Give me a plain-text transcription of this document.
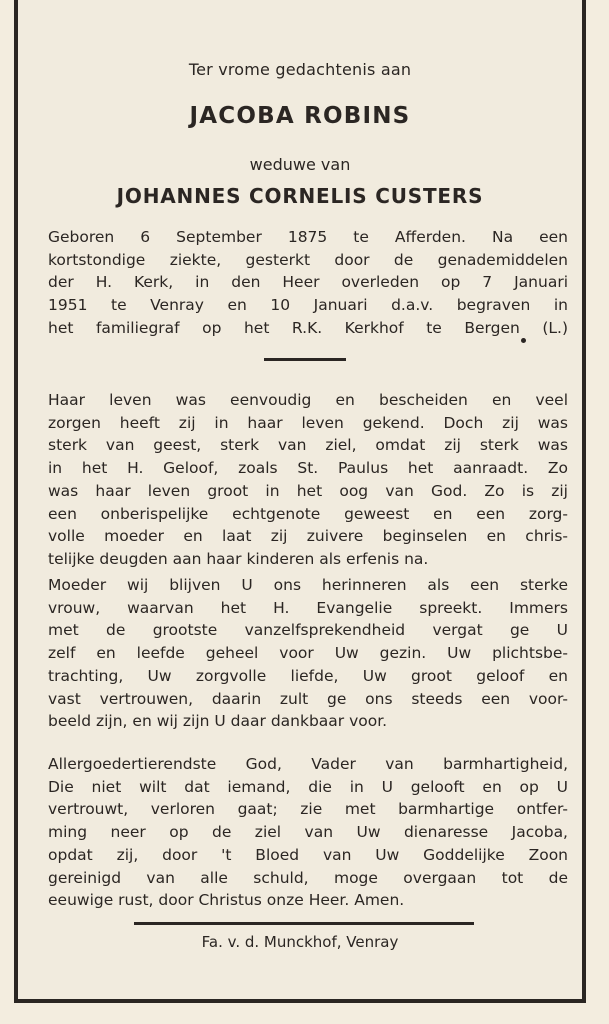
Ter vrome gedachtenis aan
JACOBA ROBINS
weduwe van
JOHANNES CORNELIS CUSTERS
Geboren 6 September 1875 te Afferden. Na een
kortstondige ziekte, gesterkt door de genademiddelen
der H. Kerk, in den Heer overleden op 7 Januari
1951 te Venray en 10 Januari d.a.v. begraven in
het familiegraf op het R.K. Kerkhof te Bergen (L.)
Haar leven was eenvoudig en bescheiden en veel
zorgen heeft zij in haar leven gekend. Doch zij was
sterk van geest, sterk van ziel, omdat zij sterk was
in het H. Geloof, zoals St. Paulus het aanraadt. Zo
was haar leven groot in het oog van God. Zo is zij
een onberispelijke echtgenote geweest en een zorg-
volle moeder en laat zij zuivere beginselen en chris-
telijke deugden aan haar kinderen als erfenis na.
Moeder wij blijven U ons herinneren als een sterke
vrouw, waarvan het H. Evangelie spreekt. Immers
met de grootste vanzelfsprekendheid vergat ge U
zelf en leefde geheel voor Uw gezin. Uw plichtsbe-
trachting, Uw zorgvolle liefde, Uw groot geloof en
vast vertrouwen, daarin zult ge ons steeds een voor-
beeld zijn, en wij zijn U daar dankbaar voor.
Allergoedertierendste God, Vader van barmhartigheid,
Die niet wilt dat iemand, die in U gelooft en op U
vertrouwt, verloren gaat; zie met barmhartige ontfer-
ming neer op de ziel van Uw dienaresse Jacoba,
opdat zij, door 't Bloed van Uw Goddelijke Zoon
gereinigd van alle schuld, moge overgaan tot de
eeuwige rust, door Christus onze Heer. Amen.
Fa. v. d. Munckhof, Venray
